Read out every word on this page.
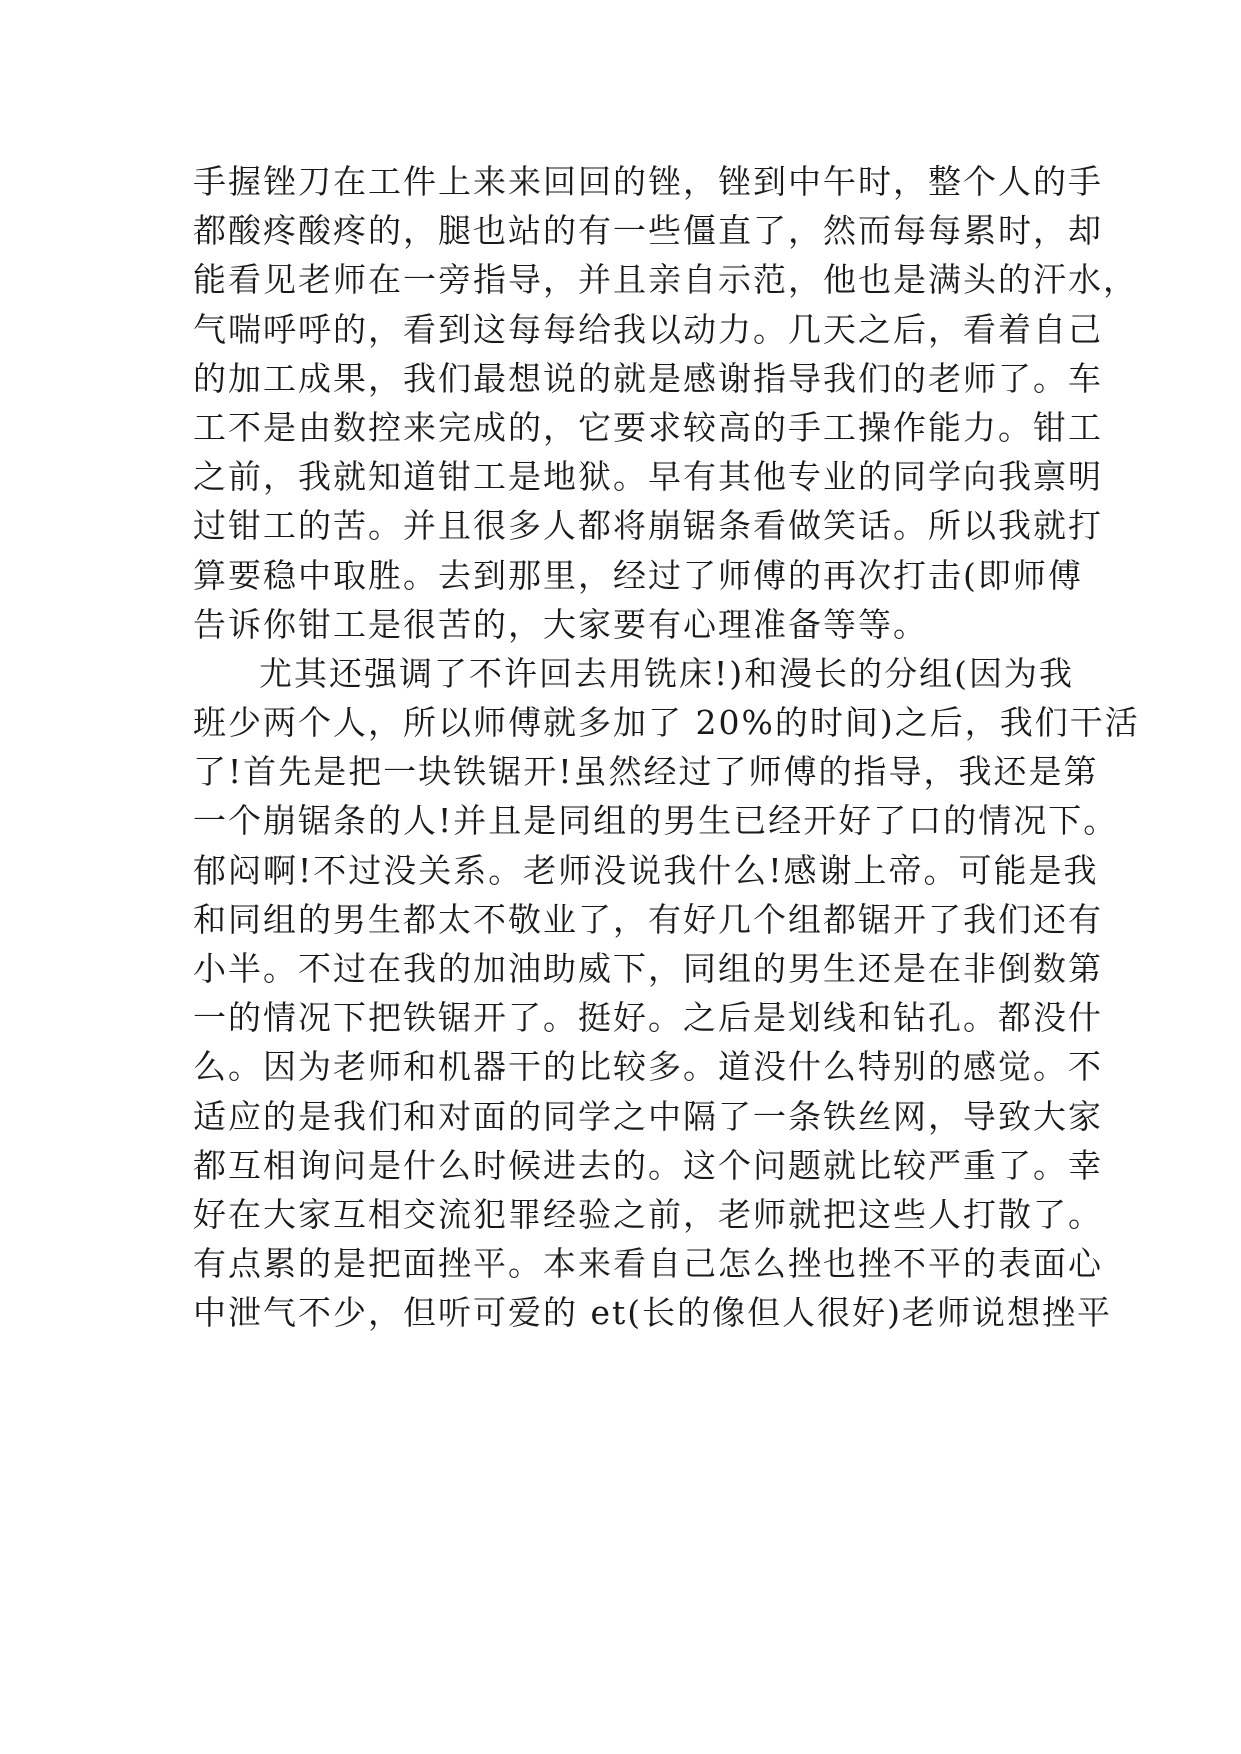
手握锉刀在工件上来来回回的锉，锉到中午时，整个人的手
都酸疼酸疼的，腿也站的有一些僵直了，然而每每累时，却
能看见老师在一旁指导，并且亲自示范，他也是满头的汗水，
气喘呼呼的，看到这每每给我以动力。几天之后，看着自己
的加工成果，我们最想说的就是感谢指导我们的老师了。车
工不是由数控来完成的，它要求较高的手工操作能力。钳工
之前，我就知道钳工是地狱。早有其他专业的同学向我禀明
过钳工的苦。并且很多人都将崩锯条看做笑话。所以我就打
算要稳中取胜。去到那里，经过了师傅的再次打击(即师傅
告诉你钳工是很苦的，大家要有心理准备等等。
尤其还强调了不许回去用铣床!)和漫长的分组(因为我
班少两个人，所以师傅就多加了 20%的时间)之后，我们干活
了!首先是把一块铁锯开!虽然经过了师傅的指导，我还是第
一个崩锯条的人!并且是同组的男生已经开好了口的情况下。
郁闷啊!不过没关系。老师没说我什么!感谢上帝。可能是我
和同组的男生都太不敬业了，有好几个组都锯开了我们还有
小半。不过在我的加油助威下，同组的男生还是在非倒数第
一的情况下把铁锯开了。挺好。之后是划线和钻孔。都没什
么。因为老师和机器干的比较多。道没什么特别的感觉。不
适应的是我们和对面的同学之中隔了一条铁丝网，导致大家
都互相询问是什么时候进去的。这个问题就比较严重了。幸
好在大家互相交流犯罪经验之前，老师就把这些人打散了。
有点累的是把面挫平。本来看自己怎么挫也挫不平的表面心
中泄气不少，但听可爱的 et(长的像但人很好)老师说想挫平
